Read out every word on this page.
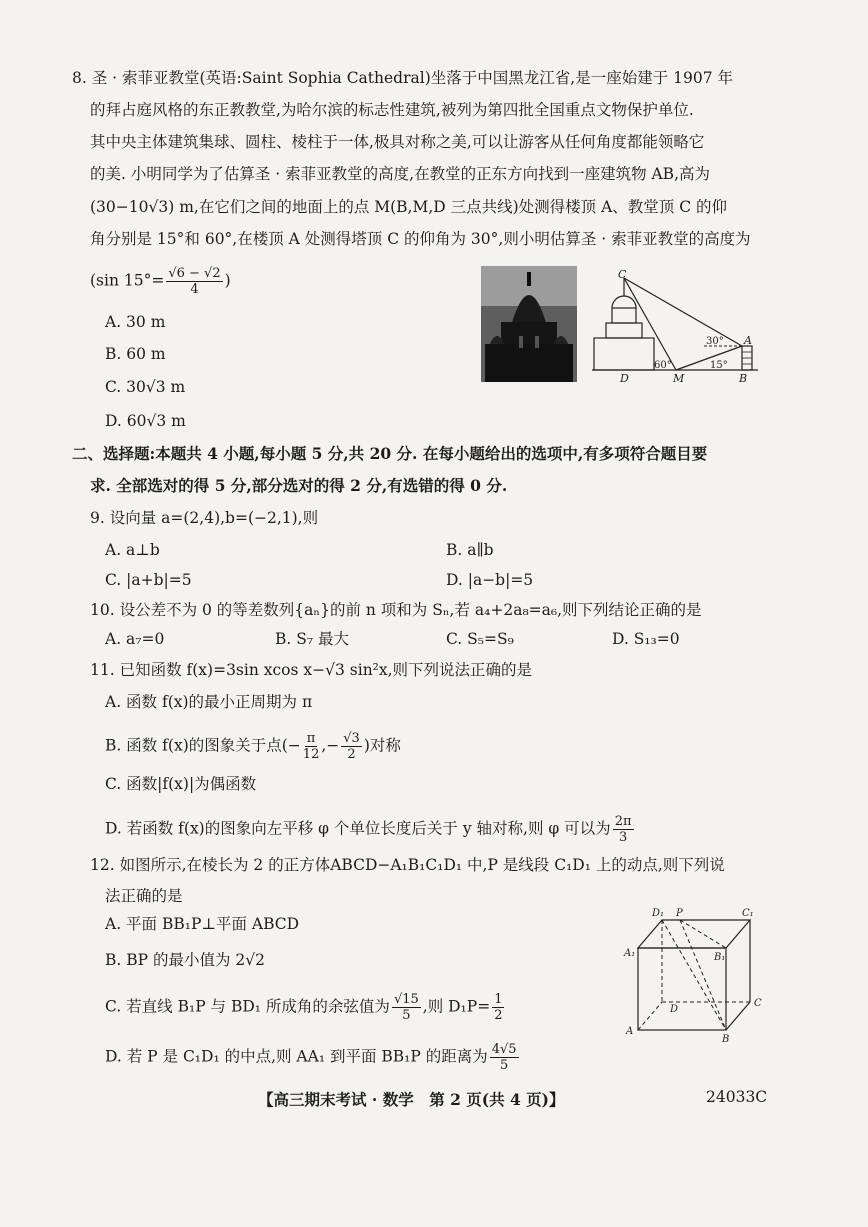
8. 圣 · 索菲亚教堂(英语:Saint Sophia Cathedral)坐落于中国黑龙江省,是一座始建于 1907 年
的拜占庭风格的东正教教堂,为哈尔滨的标志性建筑,被列为第四批全国重点文物保护单位.
其中央主体建筑集球、圆柱、棱柱于一体,极具对称之美,可以让游客从任何角度都能领略它
的美. 小明同学为了估算圣 · 索菲亚教堂的高度,在教堂的正东方向找到一座建筑物 AB,高为
(30−10√3) m,在它们之间的地面上的点 M(B,M,D 三点共线)处测得楼顶 A、教堂顶 C 的仰
角分别是 15°和 60°,在楼顶 A 处测得塔顶 C 的仰角为 30°,则小明估算圣 · 索菲亚教堂的高度为
(sin $15^\circ= \frac{√6 - √2}{4}$ )
A. 30 m
B. 60 m
C. 30√3 m
D. 60√3 m
C
A
D	M	B
60°
30°
15°
二、选择题:本题共 4 小题,每小题 5 分,共 20 分. 在每小题给出的选项中,有多项符合题目要
求. 全部选对的得 5 分,部分选对的得 2 分,有选错的得 0 分.
9. 设向量 a=(2,4),b=(−2,1),则
A. a⊥b	B. a∥b
C. |a+b|=5	D. |a−b|=5
10. 设公差不为 0 的等差数列{aₙ}的前 n 项和为 Sₙ,若 a₄+2a₈=a₆,则下列结论正确的是
A. a₇=0	B. S₇ 最大	C. S₅=S₉	D. S₁₃=0
11. 已知函数 f(x)=3sin xcos x−√3 sin²x,则下列说法正确的是
A. 函数 f(x)的最小正周期为 π
B. 函数 f(x)的图象关于点(− $\frac{\pi}{12}$ ,− $\frac{√3}{2}$ )对称
C. 函数|f(x)|为偶函数
D. 若函数 f(x)的图象向左平移 φ 个单位长度后关于 y 轴对称,则 φ 可以为 $\frac{2\pi}{3}$
12. 如图所示,在棱长为 2 的正方体ABCD−A₁B₁C₁D₁ 中,P 是线段 C₁D₁ 上的动点,则下列说
法正确的是
A. 平面 BB₁P⊥平面 ABCD
B. BP 的最小值为 2√2
C. 若直线 B₁P 与 BD₁ 所成角的余弦值为 $\frac{√15}{5}$ ,则 $D_1P= \frac{1}{2}$
D. 若 P 是 C₁D₁ 的中点,则 AA₁ 到平面 BB₁P 的距离为 $\frac{4√5}{5}$
D₁ P	C₁
A₁	B₁
D
C
A
B
【高三期末考试 · 数学　第 2 页(共 4 页)】	24033C
